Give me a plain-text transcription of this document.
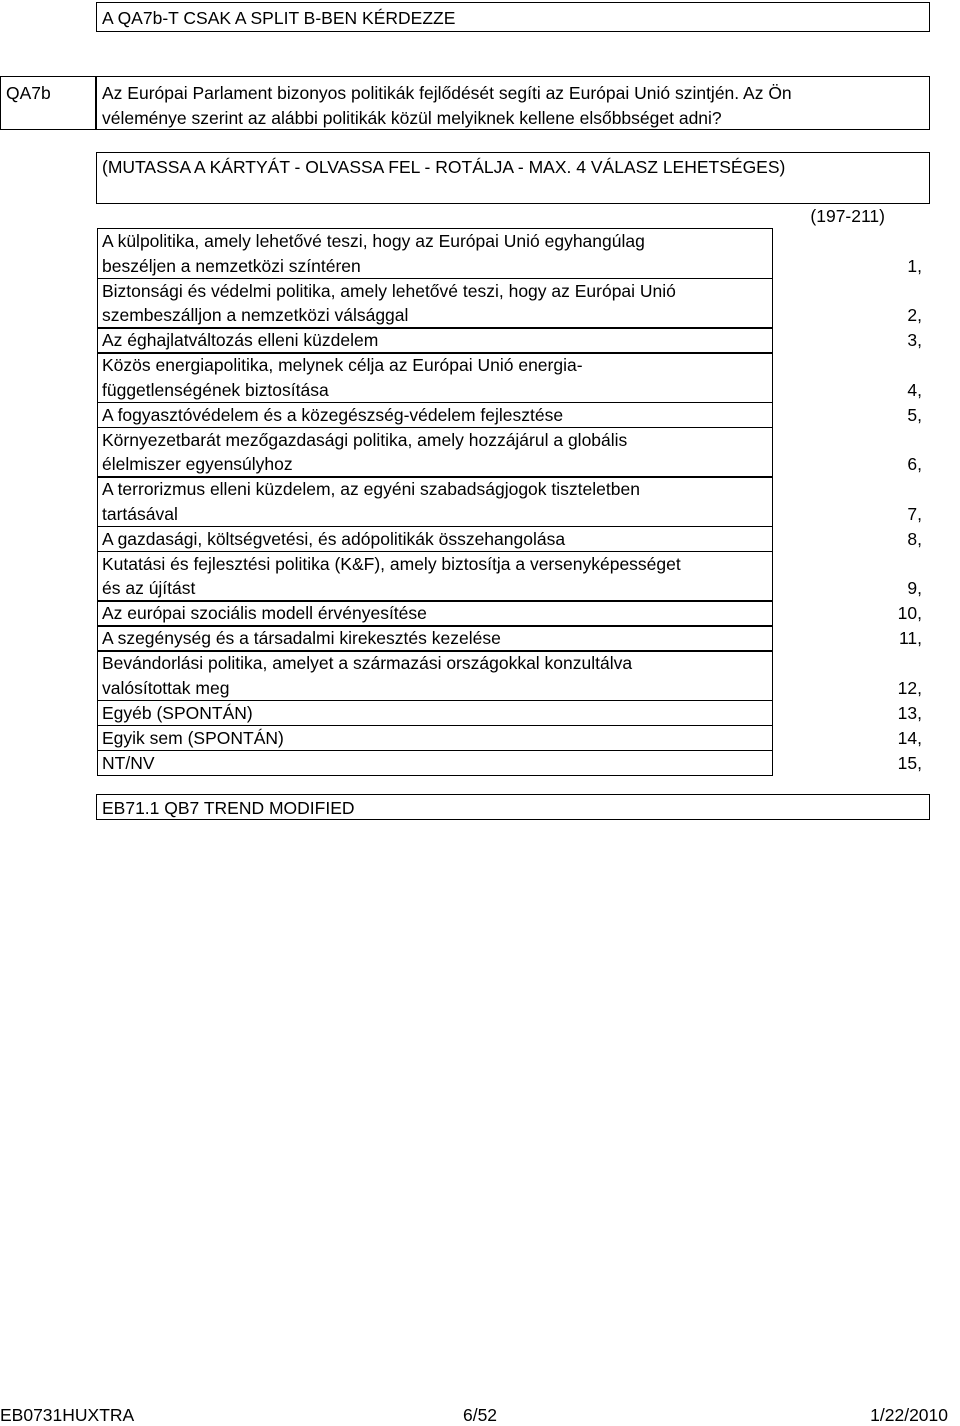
A QA7b-T CSAK A SPLIT B-BEN KÉRDEZZE
QA7b	Az Európai Parlament bizonyos politikák fejlődését segíti az Európai Unió szintjén. Az Ön
véleménye szerint az alábbi politikák közül melyiknek kellene elsőbbséget adni?
(MUTASSA A KÁRTYÁT - OLVASSA FEL - ROTÁLJA - MAX. 4 VÁLASZ LEHETSÉGES)
(197-211)
A külpolitika, amely lehetővé teszi, hogy az Európai Unió egyhangúlag
beszéljen a nemzetközi színtéren	1,
Biztonsági és védelmi politika, amely lehetővé teszi, hogy az Európai Unió
szembeszálljon a nemzetközi válsággal	2,
Az éghajlatváltozás elleni küzdelem	3,
Közös energiapolitika, melynek célja az Európai Unió energia-
függetlenségének biztosítása	4,
A fogyasztóvédelem és a közegészség-védelem fejlesztése	5,
Környezetbarát mezőgazdasági politika, amely hozzájárul a globális
élelmiszer egyensúlyhoz	6,
A terrorizmus elleni küzdelem, az egyéni szabadságjogok tiszteletben
tartásával	7,
A gazdasági, költségvetési, és adópolitikák összehangolása	8,
Kutatási és fejlesztési politika (K&F), amely biztosítja a versenyképességet
és az újítást	9,
Az európai szociális modell érvényesítése	10,
A szegénység és a társadalmi kirekesztés kezelése	11,
Bevándorlási politika, amelyet a származási országokkal konzultálva
valósítottak meg	12,
Egyéb (SPONTÁN)	13,
Egyik sem (SPONTÁN)	14,
NT/NV	15,
EB71.1 QB7 TREND MODIFIED
EB0731HUXTRA	6/52	1/22/2010
